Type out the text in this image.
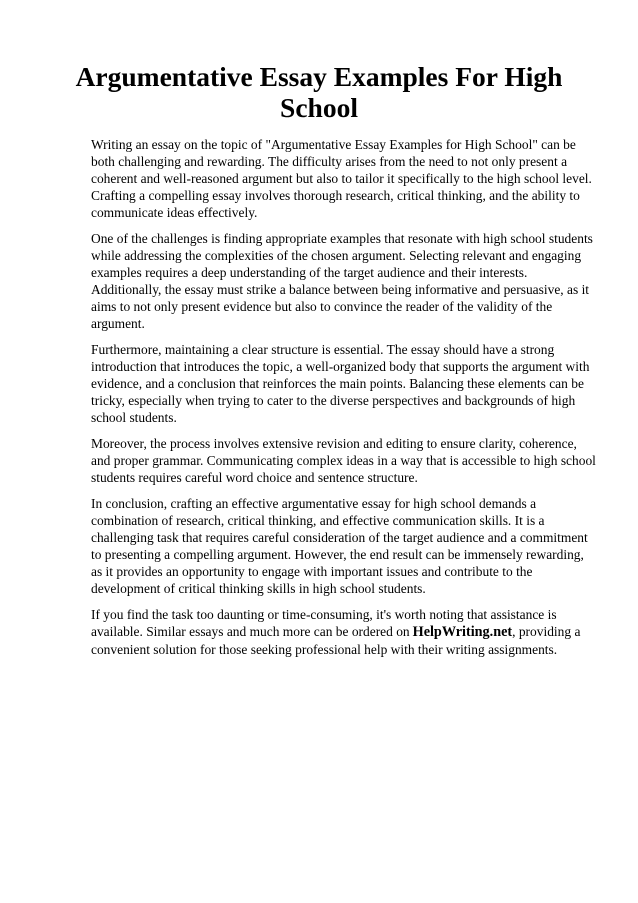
Argumentative Essay Examples For High School

Writing an essay on the topic of "Argumentative Essay Examples for High School" can be both challenging and rewarding. The difficulty arises from the need to not only present a coherent and well-reasoned argument but also to tailor it specifically to the high school level. Crafting a compelling essay involves thorough research, critical thinking, and the ability to communicate ideas effectively.

One of the challenges is finding appropriate examples that resonate with high school students while addressing the complexities of the chosen argument. Selecting relevant and engaging examples requires a deep understanding of the target audience and their interests. Additionally, the essay must strike a balance between being informative and persuasive, as it aims to not only present evidence but also to convince the reader of the validity of the argument.

Furthermore, maintaining a clear structure is essential. The essay should have a strong introduction that introduces the topic, a well-organized body that supports the argument with evidence, and a conclusion that reinforces the main points. Balancing these elements can be tricky, especially when trying to cater to the diverse perspectives and backgrounds of high school students.

Moreover, the process involves extensive revision and editing to ensure clarity, coherence, and proper grammar. Communicating complex ideas in a way that is accessible to high school students requires careful word choice and sentence structure.

In conclusion, crafting an effective argumentative essay for high school demands a combination of research, critical thinking, and effective communication skills. It is a challenging task that requires careful consideration of the target audience and a commitment to presenting a compelling argument. However, the end result can be immensely rewarding, as it provides an opportunity to engage with important issues and contribute to the development of critical thinking skills in high school students.

If you find the task too daunting or time-consuming, it's worth noting that assistance is available. Similar essays and much more can be ordered on HelpWriting.net, providing a convenient solution for those seeking professional help with their writing assignments.
